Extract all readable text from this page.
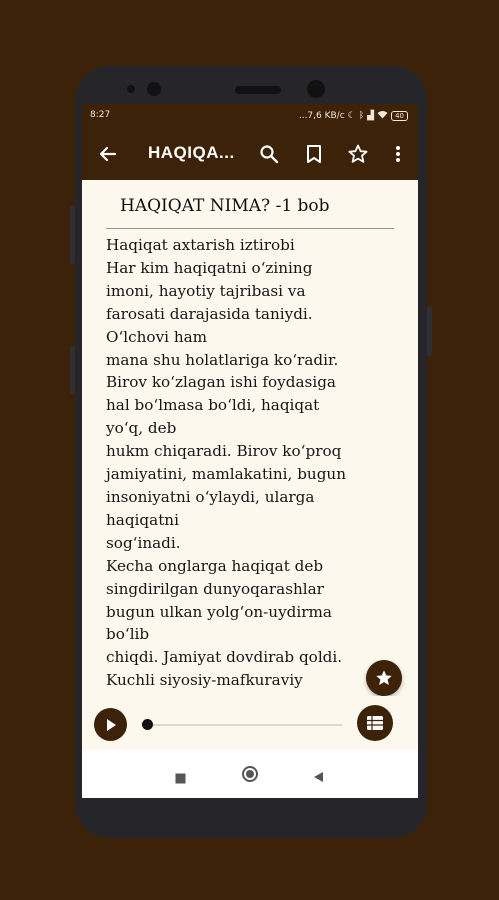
8:27	...7,6 KB/c ☾ ᛒ ▟	40
HAQIQA...
HAQIQAT NIMA? -1 bob
Haqiqat axtarish iztirobi
Har kim haqiqatni oʻzining
imoni, hayotiy tajribasi va
farosati darajasida taniydi.
Oʻlchovi ham
mana shu holatlariga koʻradir.
Birov koʻzlagan ishi foydasiga
hal boʻlmasa boʻldi, haqiqat
yoʻq, deb
hukm chiqaradi. Birov koʻproq
jamiyatini, mamlakatini, bugun
insoniyatni oʻylaydi, ularga
haqiqatni
sogʻinadi.
Kecha onglarga haqiqat deb
singdirilgan dunyoqarashlar
bugun ulkan yolgʻon-uydirma
boʻlib
chiqdi. Jamiyat dovdirab qoldi.
Kuchli siyosiy-mafkuraviy
